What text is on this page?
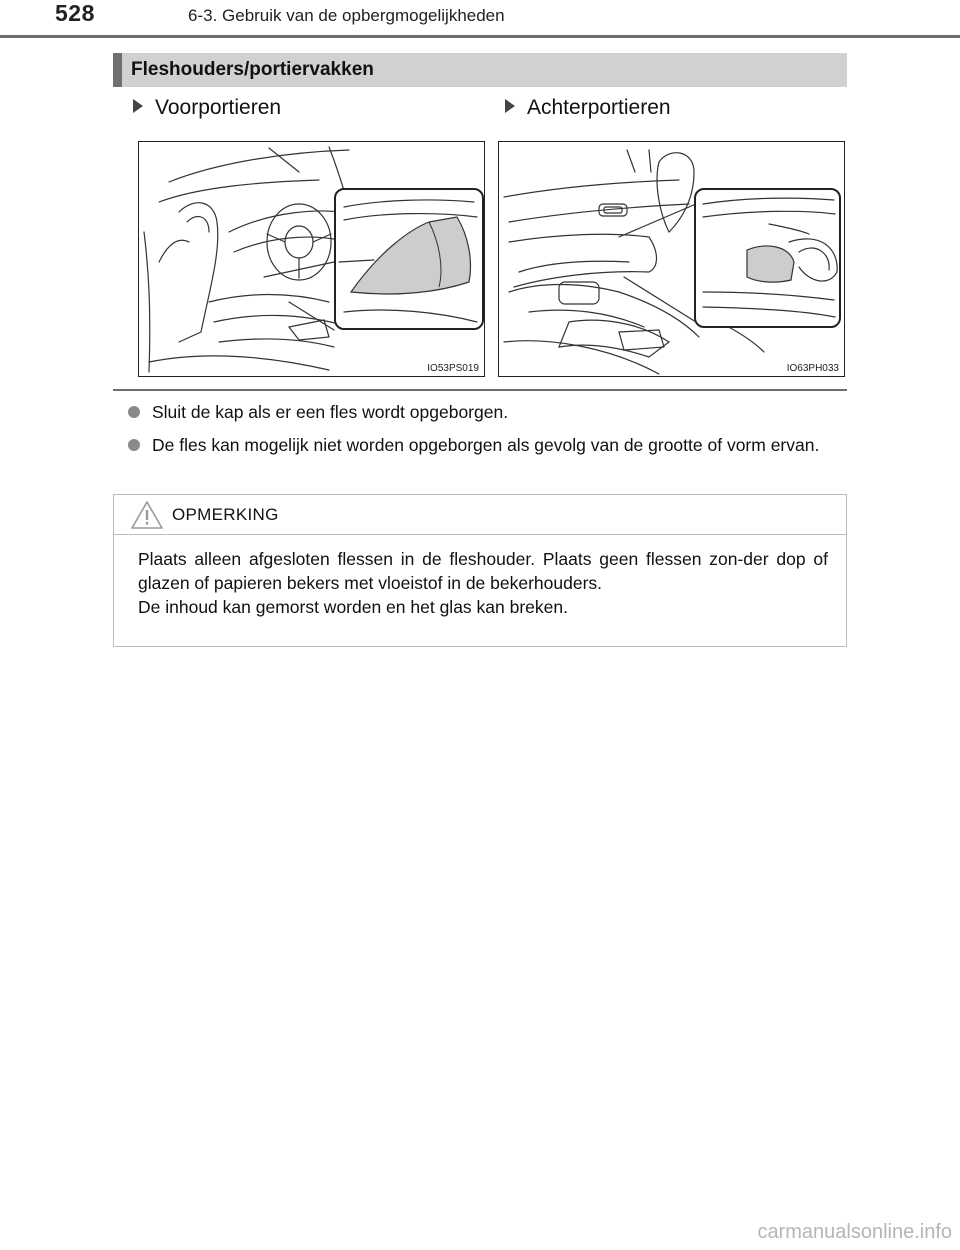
528	6-3. Gebruik van de opbergmogelijkheden
Fleshouders/portiervakken
Voorportieren	Achterportieren
IO53PS019	IO63PH033
Sluit de kap als er een fles wordt opgeborgen.
De fles kan mogelijk niet worden opgeborgen als gevolg van de grootte of vorm ervan.
OPMERKING

Plaats alleen afgesloten flessen in de fleshouder. Plaats geen flessen zon-der dop of glazen of papieren bekers met vloeistof in de bekerhouders.

De inhoud kan gemorst worden en het glas kan breken.

carmanualsonline.info
